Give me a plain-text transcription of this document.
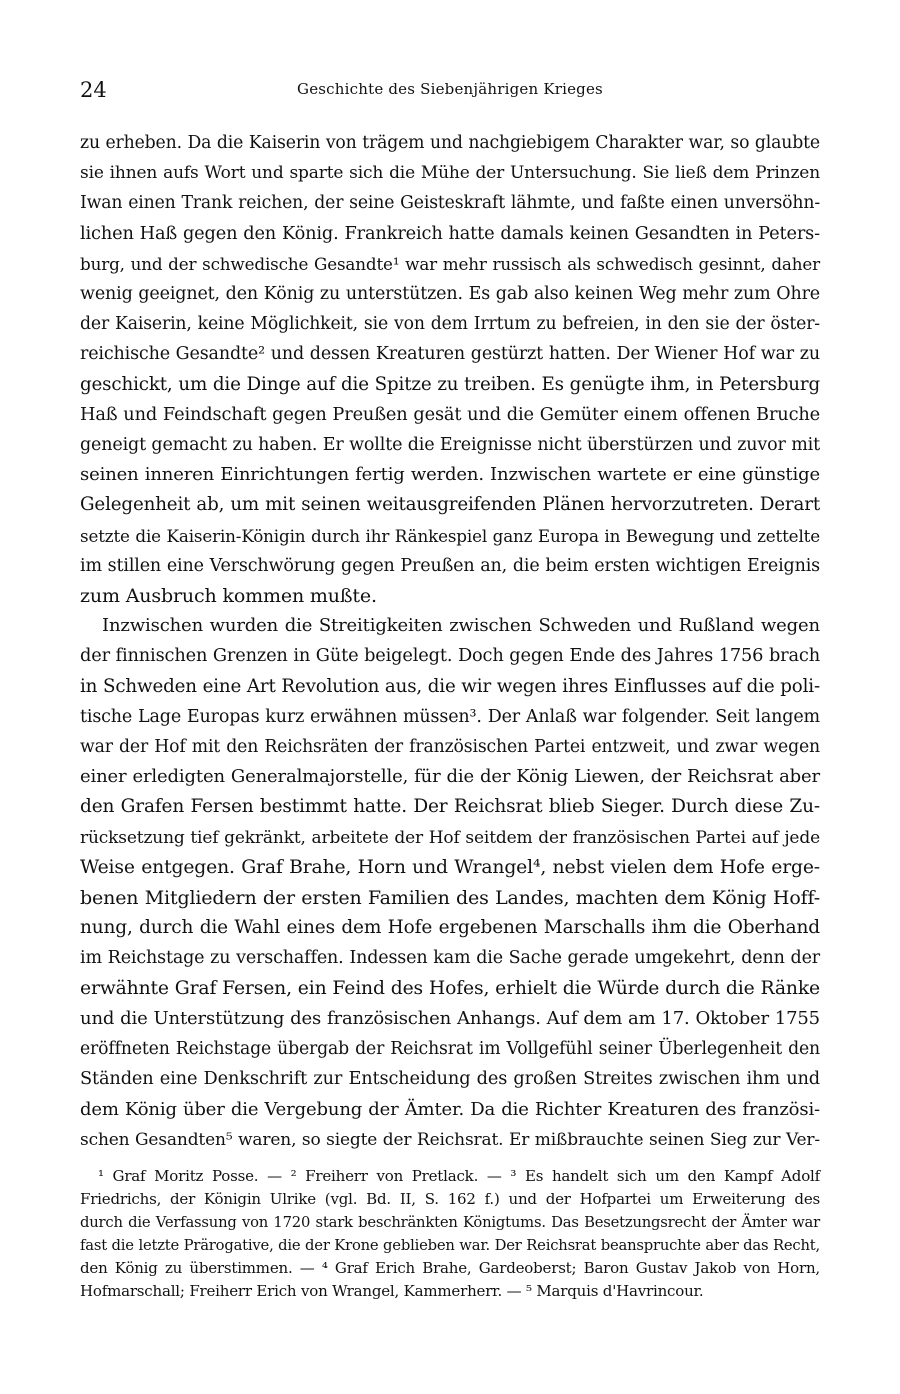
24	Geschichte des Siebenjährigen Krieges

zu erheben. Da die Kaiserin von trägem und nachgiebigem Charakter war, so glaubte
sie ihnen aufs Wort und sparte sich die Mühe der Untersuchung. Sie ließ dem Prinzen
Iwan einen Trank reichen, der seine Geisteskraft lähmte, und faßte einen unversöhn-
lichen Haß gegen den König. Frankreich hatte damals keinen Gesandten in Peters-
burg, und der schwedische Gesandte¹ war mehr russisch als schwedisch gesinnt, daher
wenig geeignet, den König zu unterstützen. Es gab also keinen Weg mehr zum Ohre
der Kaiserin, keine Möglichkeit, sie von dem Irrtum zu befreien, in den sie der öster-
reichische Gesandte² und dessen Kreaturen gestürzt hatten. Der Wiener Hof war zu
geschickt, um die Dinge auf die Spitze zu treiben. Es genügte ihm, in Petersburg
Haß und Feindschaft gegen Preußen gesät und die Gemüter einem offenen Bruche
geneigt gemacht zu haben. Er wollte die Ereignisse nicht überstürzen und zuvor mit
seinen inneren Einrichtungen fertig werden. Inzwischen wartete er eine günstige
Gelegenheit ab, um mit seinen weitausgreifenden Plänen hervorzutreten. Derart
setzte die Kaiserin-Königin durch ihr Ränkespiel ganz Europa in Bewegung und zettelte
im stillen eine Verschwörung gegen Preußen an, die beim ersten wichtigen Ereignis
zum Ausbruch kommen mußte.

Inzwischen wurden die Streitigkeiten zwischen Schweden und Rußland wegen
der finnischen Grenzen in Güte beigelegt. Doch gegen Ende des Jahres 1756 brach
in Schweden eine Art Revolution aus, die wir wegen ihres Einflusses auf die poli-
tische Lage Europas kurz erwähnen müssen³. Der Anlaß war folgender. Seit langem
war der Hof mit den Reichsräten der französischen Partei entzweit, und zwar wegen
einer erledigten Generalmajorstelle, für die der König Liewen, der Reichsrat aber
den Grafen Fersen bestimmt hatte. Der Reichsrat blieb Sieger. Durch diese Zu-
rücksetzung tief gekränkt, arbeitete der Hof seitdem der französischen Partei auf jede
Weise entgegen. Graf Brahe, Horn und Wrangel⁴, nebst vielen dem Hofe erge-
benen Mitgliedern der ersten Familien des Landes, machten dem König Hoff-
nung, durch die Wahl eines dem Hofe ergebenen Marschalls ihm die Oberhand
im Reichstage zu verschaffen. Indessen kam die Sache gerade umgekehrt, denn der
erwähnte Graf Fersen, ein Feind des Hofes, erhielt die Würde durch die Ränke
und die Unterstützung des französischen Anhangs. Auf dem am 17. Oktober 1755
eröffneten Reichstage übergab der Reichsrat im Vollgefühl seiner Überlegenheit den
Ständen eine Denkschrift zur Entscheidung des großen Streites zwischen ihm und
dem König über die Vergebung der Ämter. Da die Richter Kreaturen des französi-
schen Gesandten⁵ waren, so siegte der Reichsrat. Er mißbrauchte seinen Sieg zur Ver-

¹ Graf Moritz Posse. — ² Freiherr von Pretlack. — ³ Es handelt sich um den Kampf Adolf
Friedrichs, der Königin Ulrike (vgl. Bd. II, S. 162 f.) und der Hofpartei um Erweiterung des
durch die Verfassung von 1720 stark beschränkten Königtums. Das Besetzungsrecht der Ämter war
fast die letzte Prärogative, die der Krone geblieben war. Der Reichsrat beanspruchte aber das Recht,
den König zu überstimmen. — ⁴ Graf Erich Brahe, Gardeoberst; Baron Gustav Jakob von Horn,
Hofmarschall; Freiherr Erich von Wrangel, Kammerherr. — ⁵ Marquis d'Havrincour.
